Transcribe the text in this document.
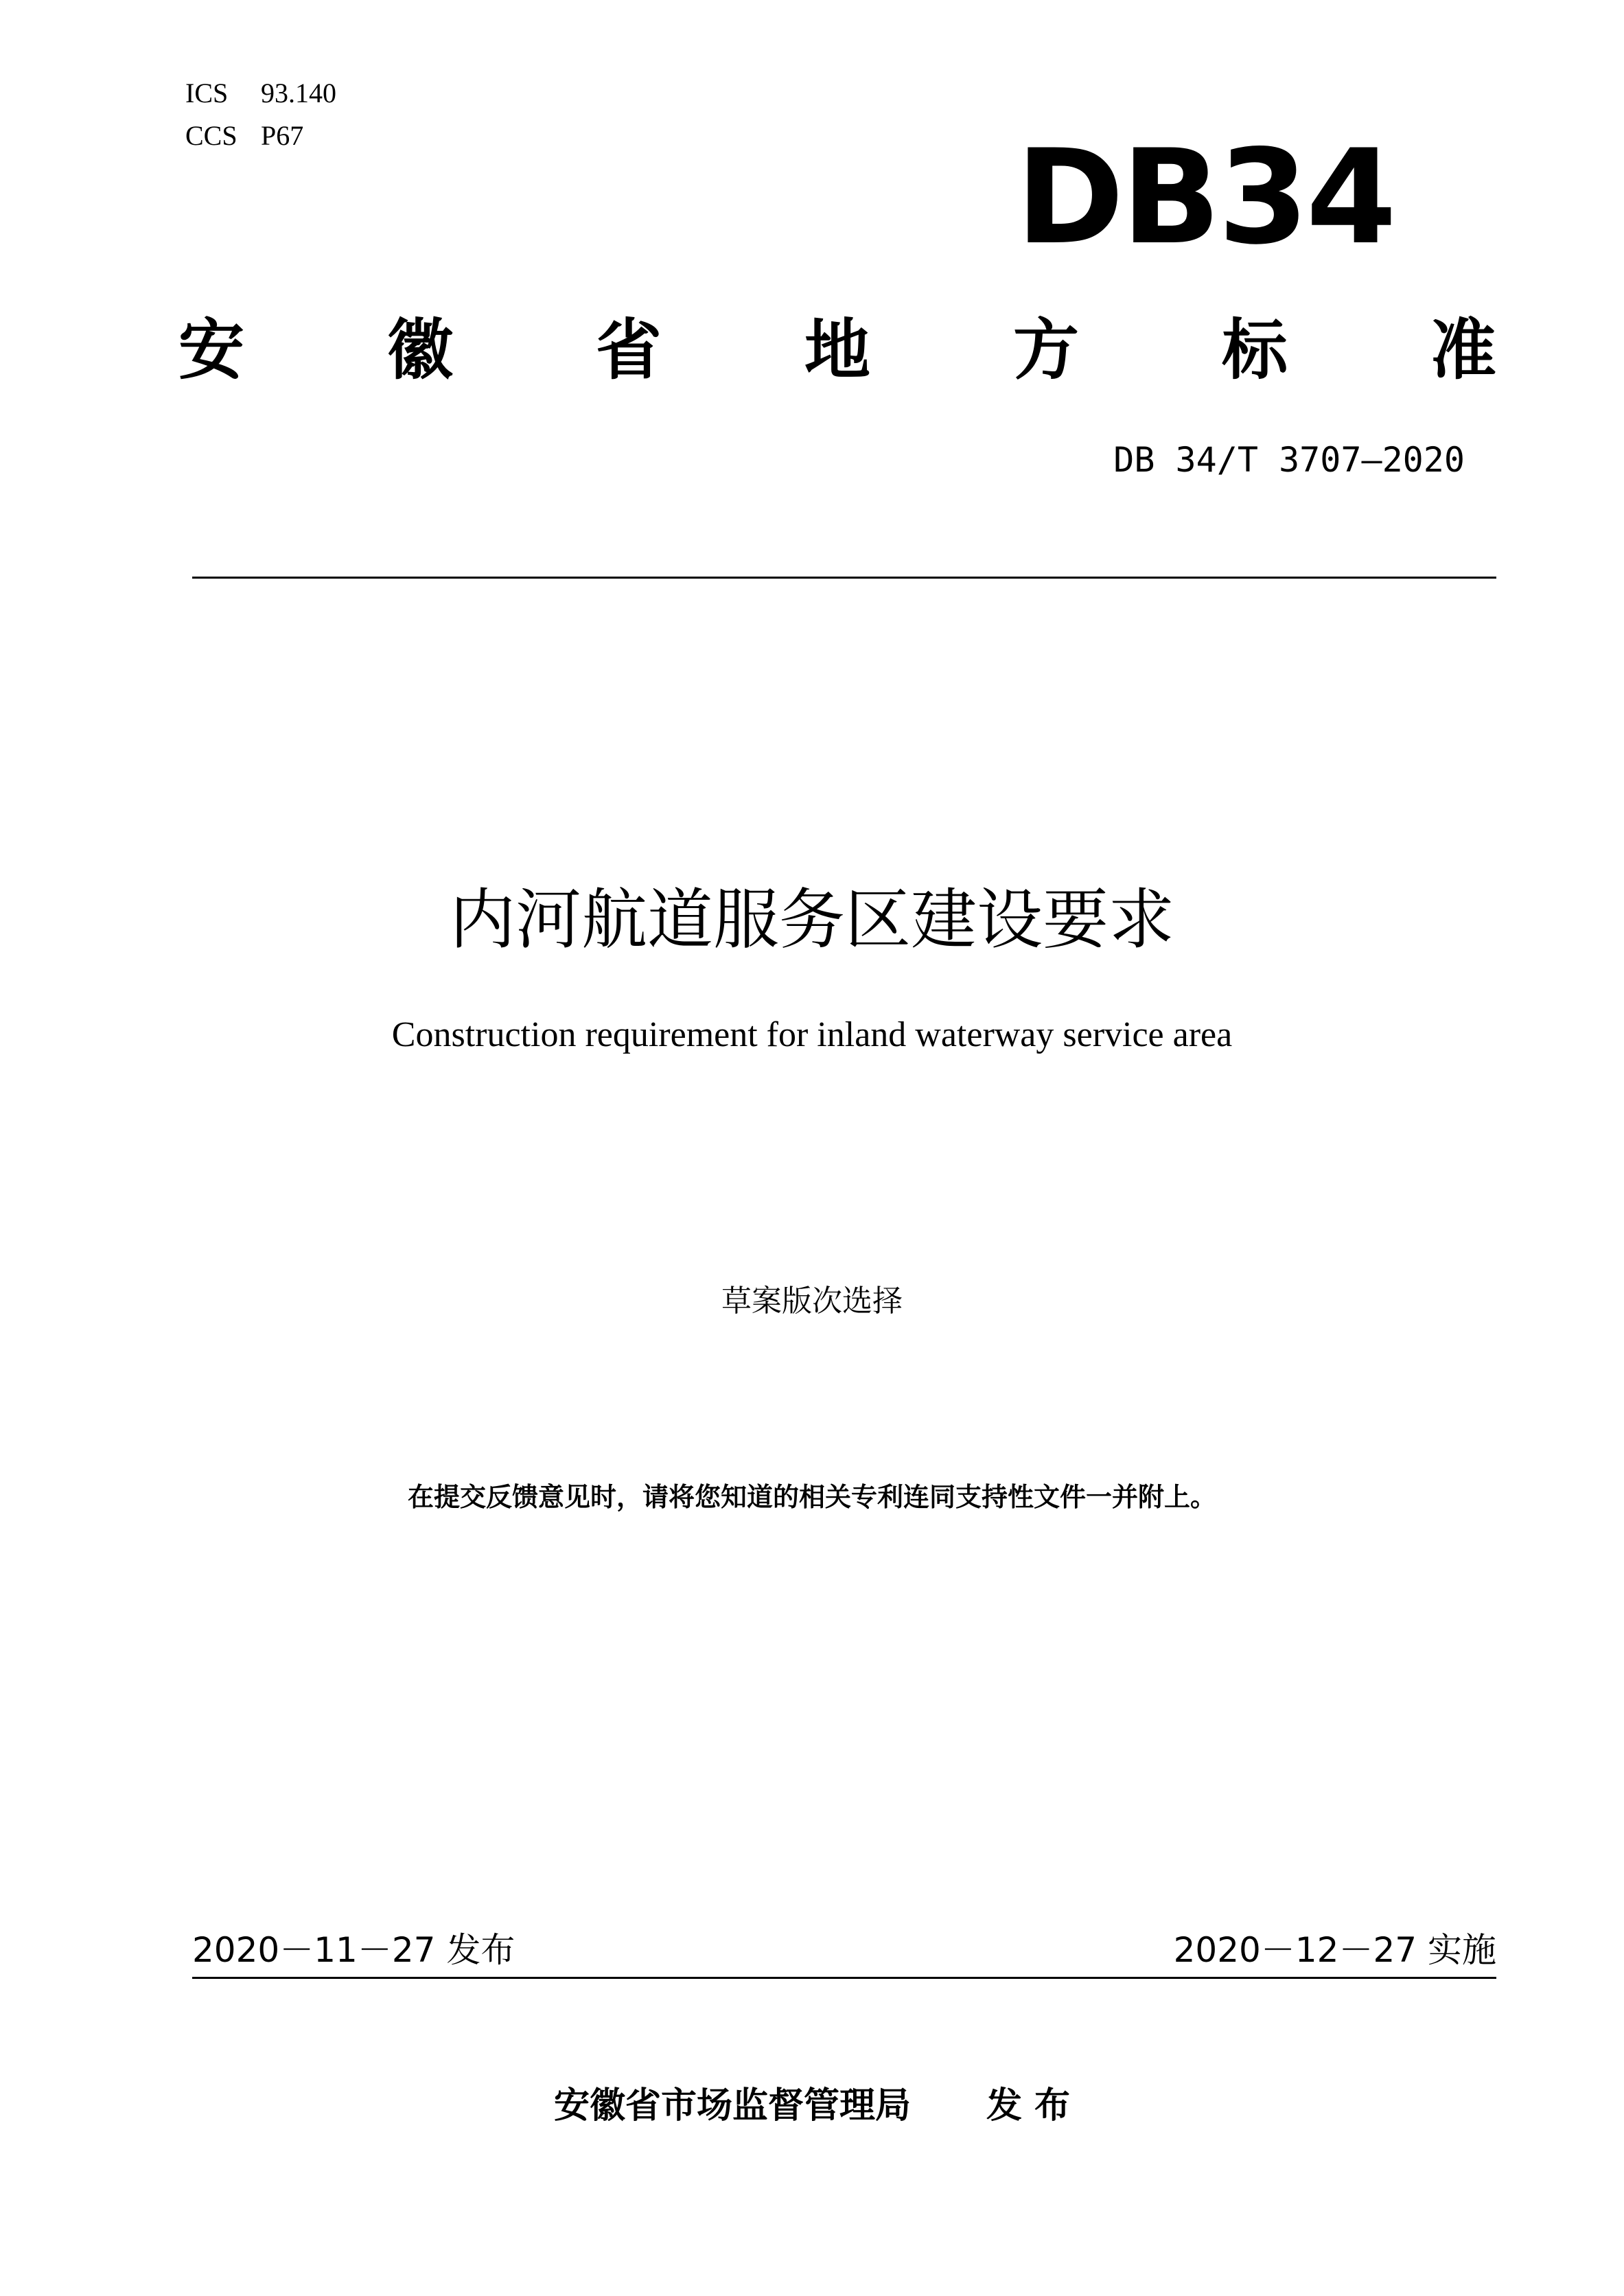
ICS 93.140
CCS P67	DB34
安 徽 省 地 方 标 准
DB 34/T 3707—2020
内河航道服务区建设要求
Construction requirement for inland waterway service area
草案版次选择
在提交反馈意见时，请将您知道的相关专利连同支持性文件一并附上。
2020－11－27 发布	2020－12－27 实施
安徽省市场监督管理局 发 布
